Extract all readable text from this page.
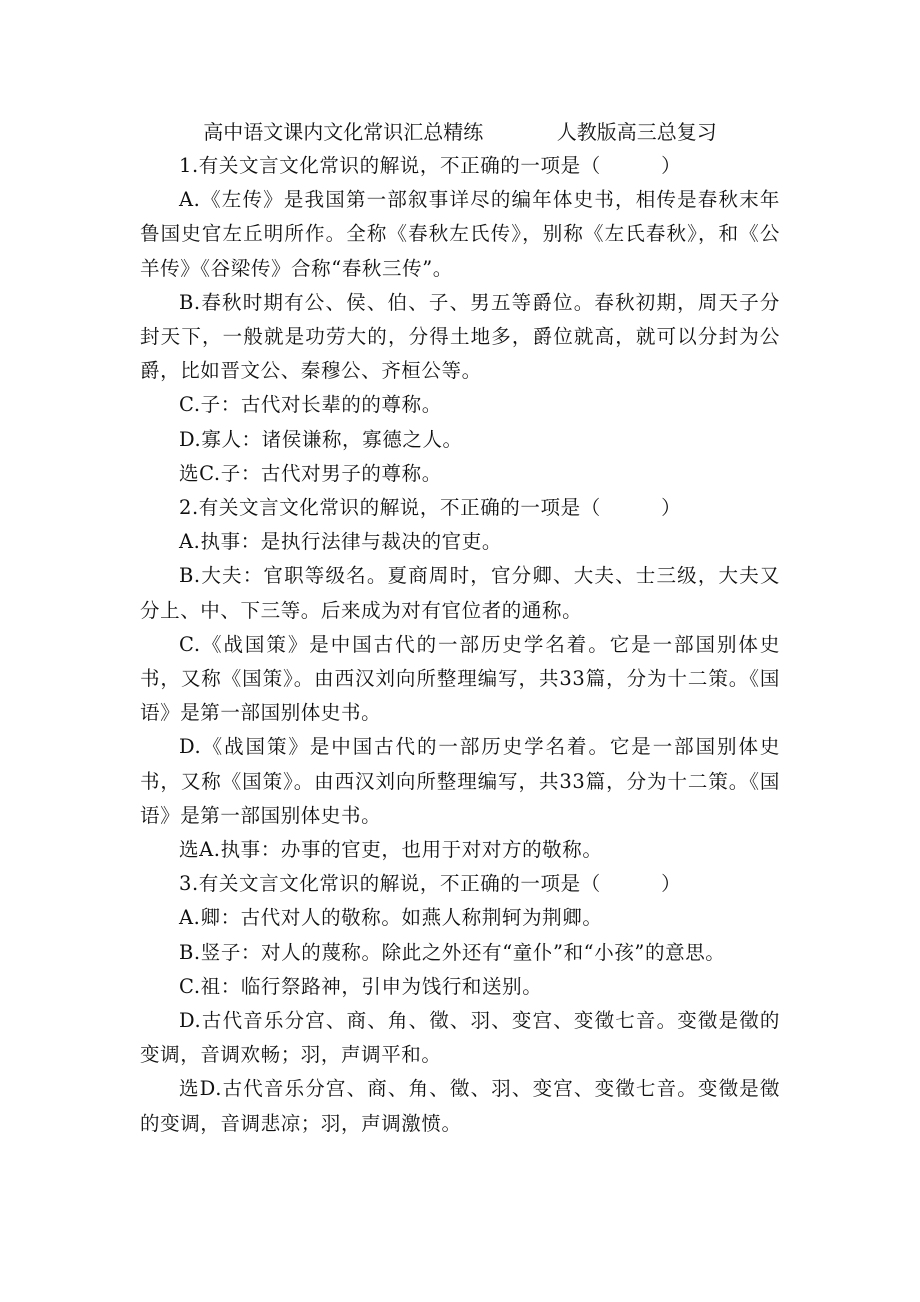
高中语文课内文化常识汇总精练    人教版高三总复习

1.有关文言文化常识的解说，不正确的一项是（　　　）

A.《左传》是我国第一部叙事详尽的编年体史书，相传是春秋末年鲁国史官左丘明所作。全称《春秋左氏传》，别称《左氏春秋》，和《公羊传》《谷梁传》合称“春秋三传”。

B.春秋时期有公、侯、伯、子、男五等爵位。春秋初期，周天子分封天下，一般就是功劳大的，分得土地多，爵位就高，就可以分封为公爵，比如晋文公、秦穆公、齐桓公等。

C.子：古代对长辈的的尊称。

D.寡人：诸侯谦称，寡德之人。

选C.子：古代对男子的尊称。

2.有关文言文化常识的解说，不正确的一项是（　　　）

A.执事：是执行法律与裁决的官吏。

B.大夫：官职等级名。夏商周时，官分卿、大夫、士三级，大夫又分上、中、下三等。后来成为对有官位者的通称。

C.《战国策》是中国古代的一部历史学名着。它是一部国别体史书，又称《国策》。由西汉刘向所整理编写，共33篇，分为十二策。《国语》是第一部国别体史书。

D.《战国策》是中国古代的一部历史学名着。它是一部国别体史书，又称《国策》。由西汉刘向所整理编写，共33篇，分为十二策。《国语》是第一部国别体史书。

选A.执事：办事的官吏，也用于对对方的敬称。

3.有关文言文化常识的解说，不正确的一项是（　　　）

A.卿：古代对人的敬称。如燕人称荆轲为荆卿。

B.竖子：对人的蔑称。除此之外还有“童仆”和“小孩”的意思。

C.祖：临行祭路神，引申为饯行和送别。

D.古代音乐分宫、商、角、徵、羽、变宫、变徵七音。变徵是徵的变调，音调欢畅；羽，声调平和。

选D.古代音乐分宫、商、角、徵、羽、变宫、变徵七音。变徵是徵的变调，音调悲凉；羽，声调激愤。
